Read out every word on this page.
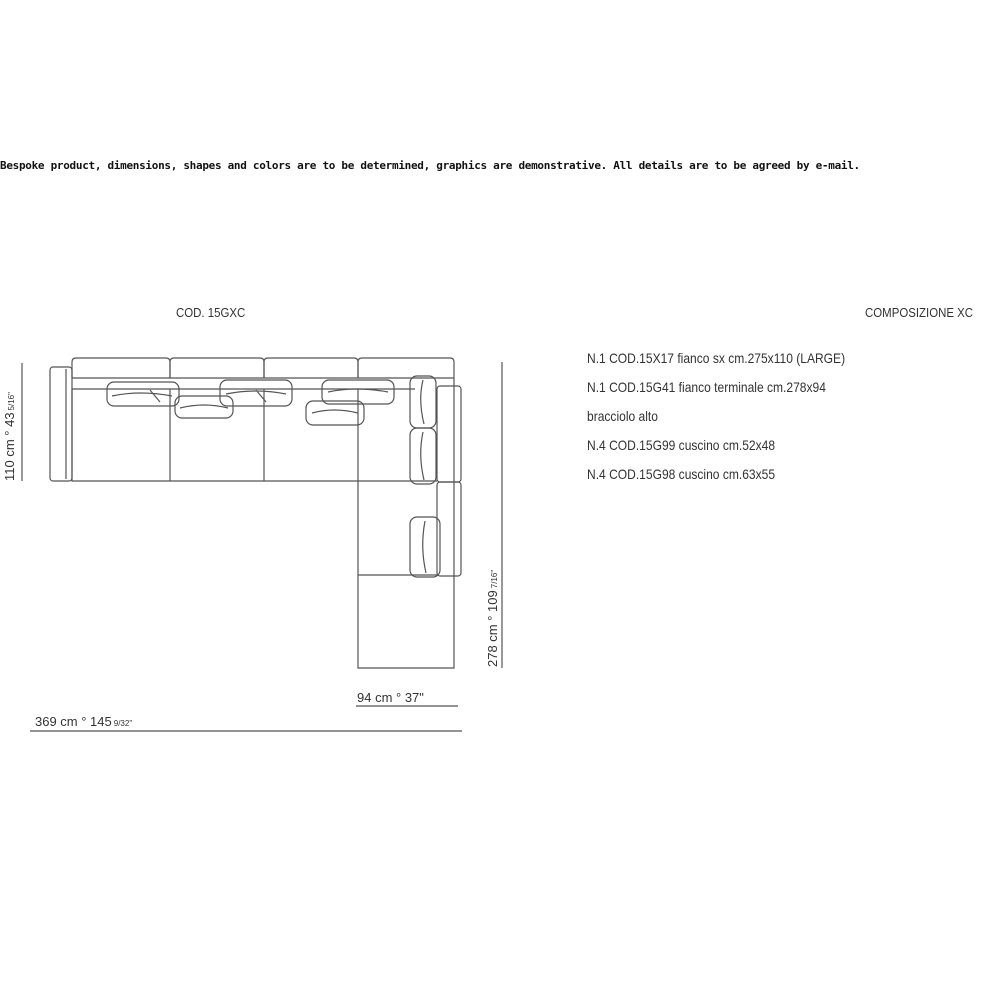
Bespoke product, dimensions, shapes and colors are to be determined, graphics are demonstrative. All details are to be agreed by e-mail.
COD. 15GXC	COMPOSIZIONE XC
N.1 COD.15X17 fianco sx cm.275x110 (LARGE)
N.1 COD.15G41 fianco terminale cm.278x94
bracciolo alto
N.4 COD.15G99 cuscino cm.52x48
N.4 COD.15G98 cuscino cm.63x55
110 cm ° 435/16"
278 cm ° 1097/16"
94 cm ° 37"
369 cm ° 145 9/32"
